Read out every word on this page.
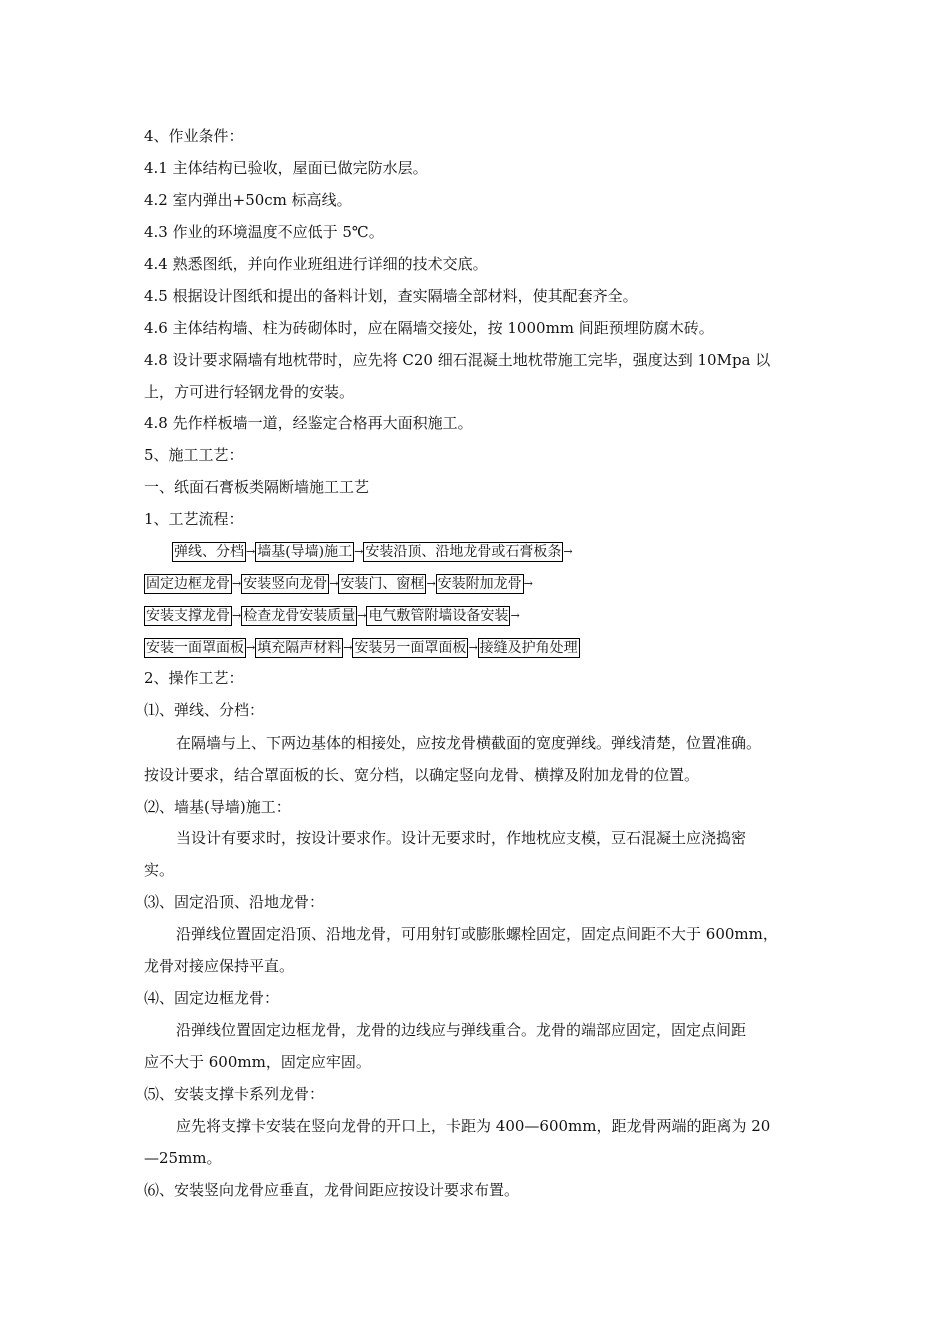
4、作业条件：
4.1 主体结构已验收，屋面已做完防水层。
4.2 室内弹出+50cm 标高线。
4.3 作业的环境温度不应低于 5℃。
4.4 熟悉图纸，并向作业班组进行详细的技术交底。
4.5 根据设计图纸和提出的备料计划，查实隔墙全部材料，使其配套齐全。
4.6 主体结构墙、柱为砖砌体时，应在隔墙交接处，按 1000mm 间距预埋防腐木砖。
4.8 设计要求隔墙有地枕带时，应先将 C20 细石混凝土地枕带施工完毕，强度达到 10Mpa 以
上，方可进行轻钢龙骨的安装。
4.8 先作样板墙一道，经鉴定合格再大面积施工。
5、施工工艺：
一、纸面石膏板类隔断墙施工工艺
1、工艺流程：
弹线、分档 → 墙基(导墙)施工 → 安装沿顶、沿地龙骨或石膏板条 →
固定边框龙骨 → 安装竖向龙骨 → 安装门、窗框 → 安装附加龙骨 →
安装支撑龙骨 → 检查龙骨安装质量 → 电气敷管附墙设备安装 →
安装一面罩面板 → 填充隔声材料 → 安装另一面罩面板 → 接缝及护角处理
2、操作工艺：
⑴、弹线、分档：
在隔墙与上、下两边基体的相接处，应按龙骨横截面的宽度弹线。弹线清楚，位置准确。
按设计要求，结合罩面板的长、宽分档，以确定竖向龙骨、横撑及附加龙骨的位置。
⑵、墙基(导墙)施工：
当设计有要求时，按设计要求作。设计无要求时，作地枕应支模，豆石混凝土应浇捣密
实。
⑶、固定沿顶、沿地龙骨：
沿弹线位置固定沿顶、沿地龙骨，可用射钉或膨胀螺栓固定，固定点间距不大于 600mm，
龙骨对接应保持平直。
⑷、固定边框龙骨：
沿弹线位置固定边框龙骨，龙骨的边线应与弹线重合。龙骨的端部应固定，固定点间距
应不大于 600mm，固定应牢固。
⑸、安装支撑卡系列龙骨：
应先将支撑卡安装在竖向龙骨的开口上，卡距为 400—600mm，距龙骨两端的距离为 20
—25mm。
⑹、安装竖向龙骨应垂直，龙骨间距应按设计要求布置。
